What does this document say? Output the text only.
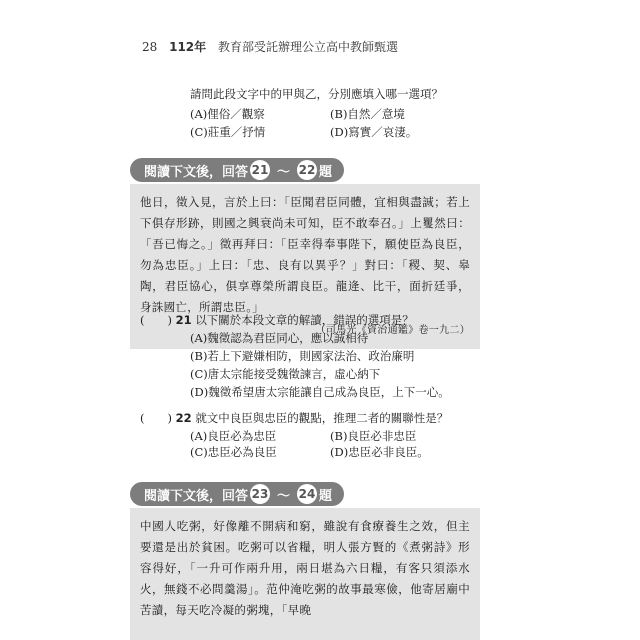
28 112年 教育部受託辦理公立高中教師甄選
請問此段文字中的甲與乙，分別應填入哪一選項？
(A)俚俗／觀察	(B)自然／意境
(C)莊重／抒情	(D)寫實／哀淒。
閱讀下文後，回答 21 ～ 22 題

他日，徵入見，言於上曰：「臣聞君臣同體，宜相與盡誠；若上下俱存形跡，則國之興衰尚未可知，臣不敢奉召。」上矍然曰：「吾已悔之。」徵再拜曰：「臣幸得奉事陛下，願使臣為良臣，勿為忠臣。」上曰：「忠、良有以異乎？」對曰：「稷、契、皋陶，君臣協心，俱享尊榮所謂良臣。龍逄、比干，面折廷爭，身誅國亡，所謂忠臣。」

（司馬光《資治通鑑》卷一九二）
(　　) 21 以下關於本段文章的解讀，錯誤的選項是？
(A)魏徵認為君臣同心，應以誠相待
(B)若上下避嫌相防，則國家法治、政治廉明
(C)唐太宗能接受魏徵諫言，虛心納下
(D)魏徵希望唐太宗能讓自己成為良臣，上下一心。
(　　) 22 就文中良臣與忠臣的觀點，推理二者的關聯性是？
(A)良臣必為忠臣	(B)良臣必非忠臣
(C)忠臣必為良臣	(D)忠臣必非良臣。
閱讀下文後，回答 23 ～ 24 題

中國人吃粥，好像離不開病和窮，雖說有食療養生之效，但主要還是出於貧困。吃粥可以省糧，明人張方賢的《煮粥詩》形容得好，「一升可作兩升用，兩日堪為六日糧，有客只須添水火，無錢不必問羹湯」。范仲淹吃粥的故事最寒儉，他寄居廟中苦讀，每天吃冷凝的粥塊，「早晚
